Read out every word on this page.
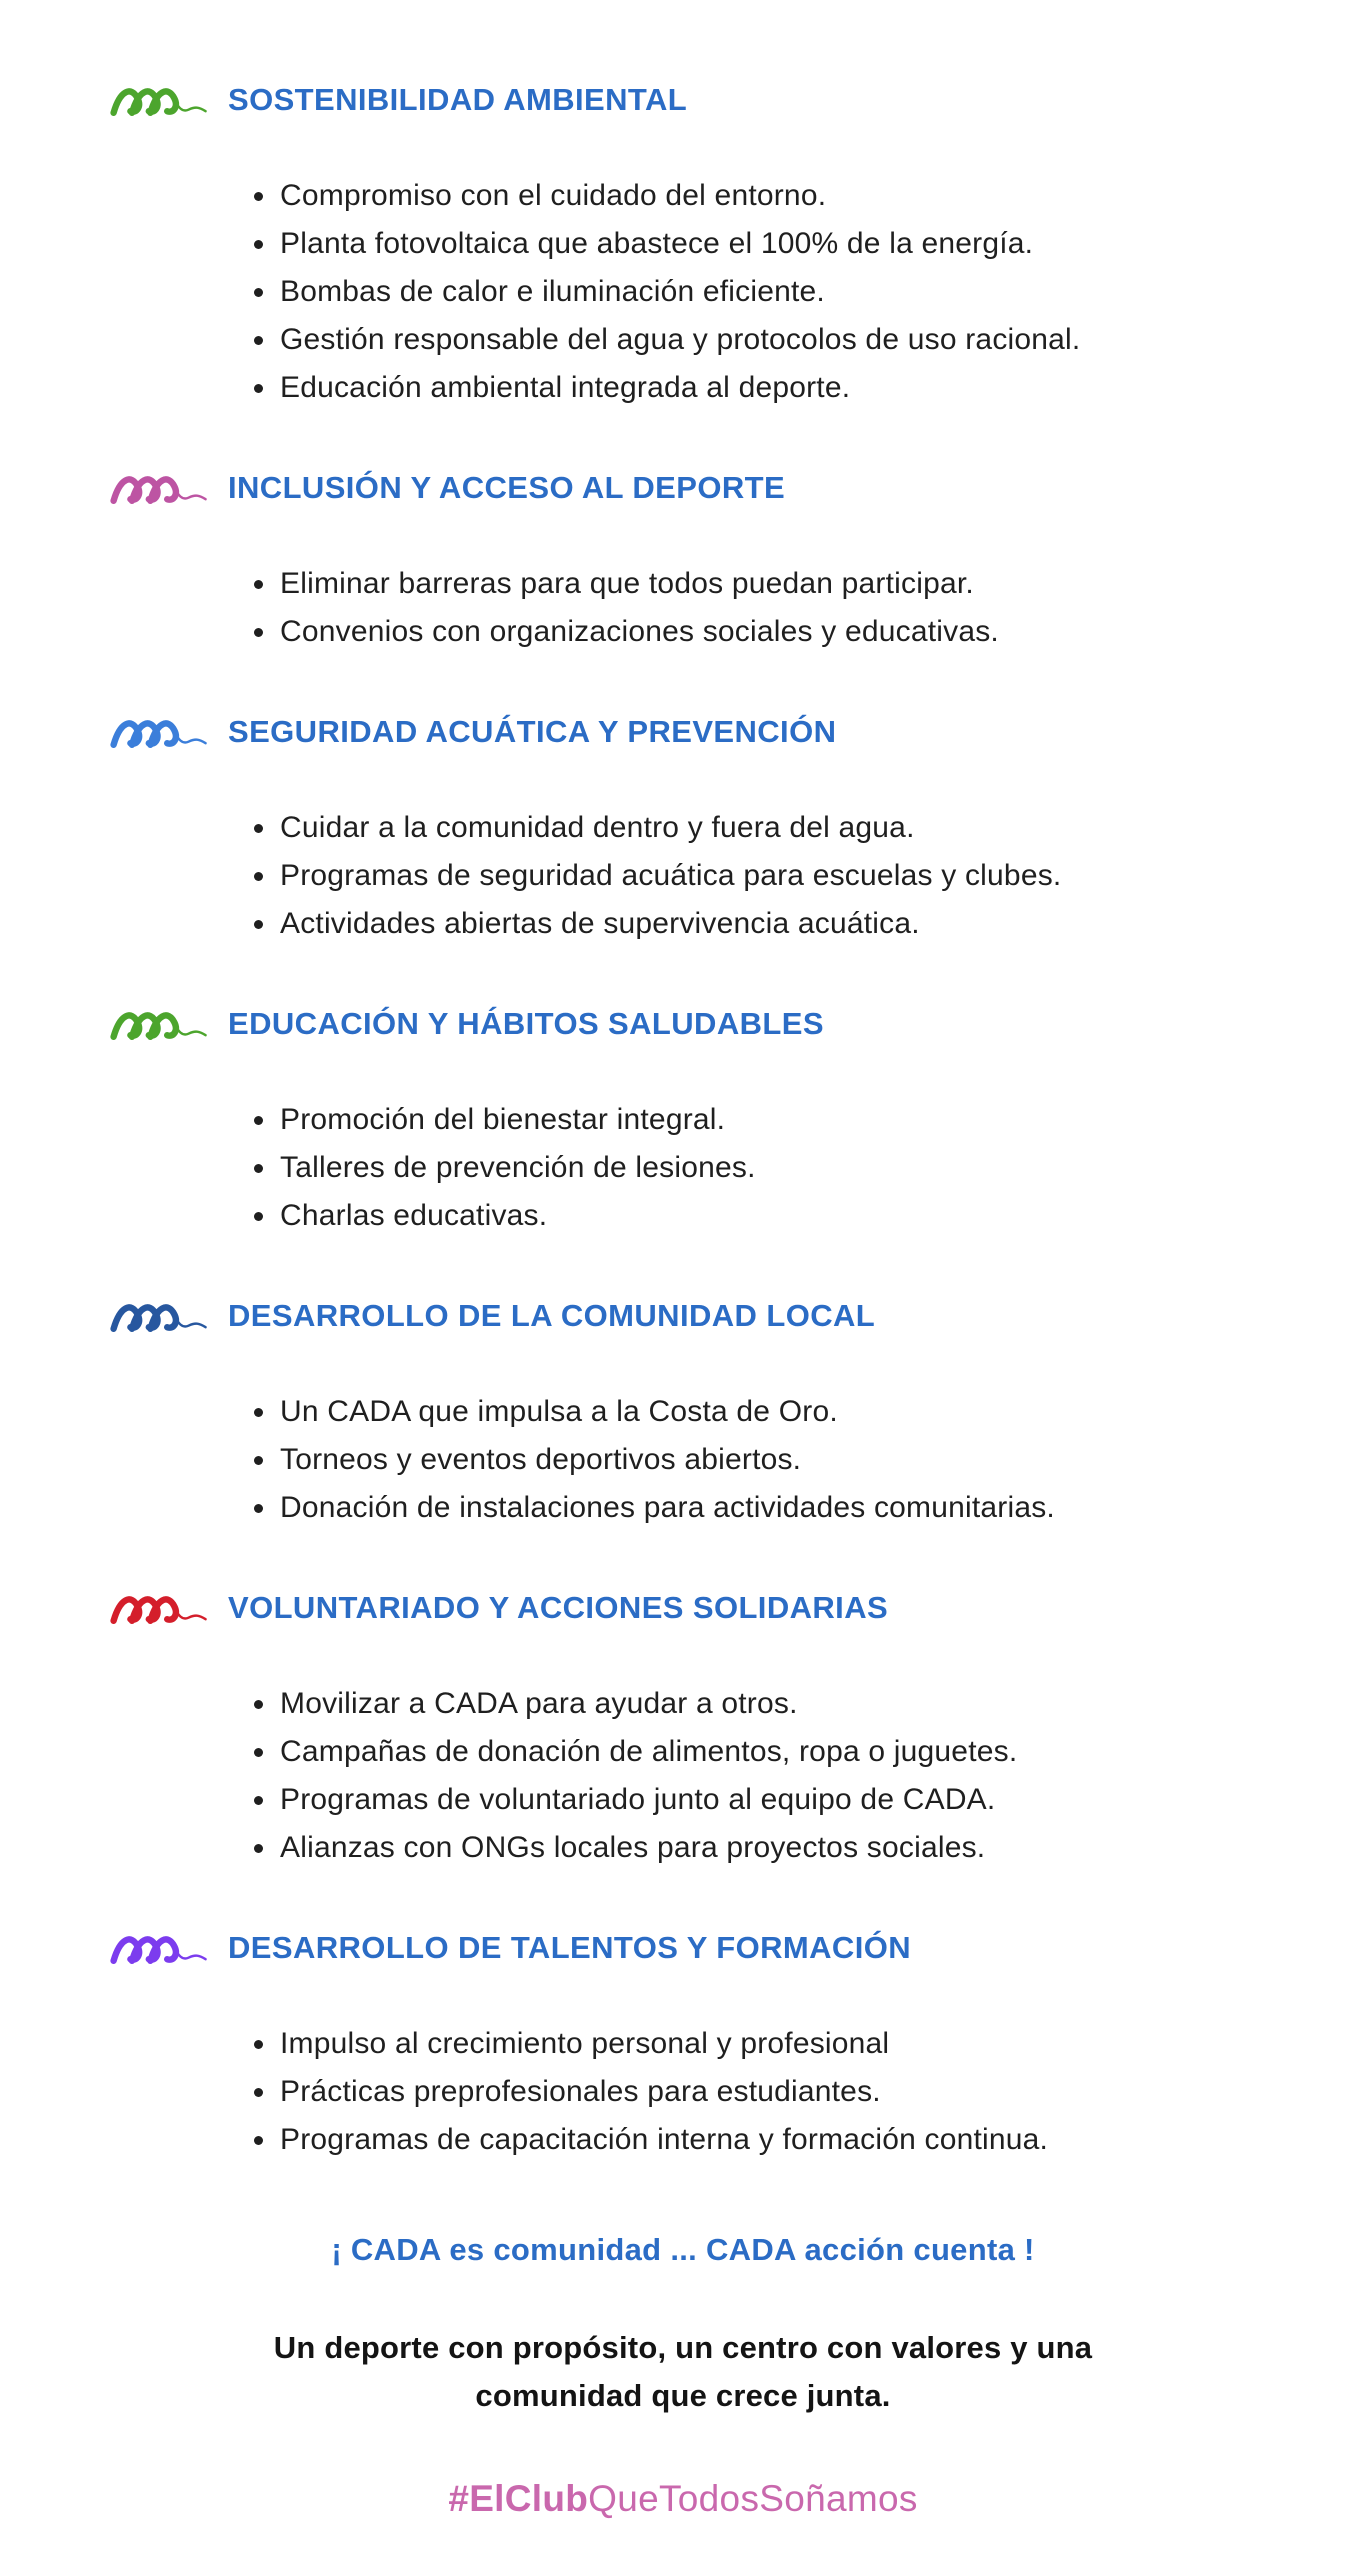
SOSTENIBILIDAD AMBIENTAL
Compromiso con el cuidado del entorno.
Planta fotovoltaica que abastece el 100% de la energía.
Bombas de calor e iluminación eficiente.
Gestión responsable del agua y protocolos de uso racional.
Educación ambiental integrada al deporte.
INCLUSIÓN Y ACCESO AL DEPORTE
Eliminar barreras para que todos puedan participar.
Convenios con organizaciones sociales y educativas.
SEGURIDAD ACUÁTICA Y PREVENCIÓN
Cuidar a la comunidad dentro y fuera del agua.
Programas de seguridad acuática para escuelas y clubes.
Actividades abiertas de supervivencia acuática.
EDUCACIÓN Y HÁBITOS SALUDABLES
Promoción del bienestar integral.
Talleres de prevención de lesiones.
Charlas educativas.
DESARROLLO DE LA COMUNIDAD LOCAL
Un CADA que impulsa a la Costa de Oro.
Torneos y eventos deportivos abiertos.
Donación de instalaciones para actividades comunitarias.
VOLUNTARIADO Y ACCIONES SOLIDARIAS
Movilizar a CADA para ayudar a otros.
Campañas de donación de alimentos, ropa o juguetes.
Programas de voluntariado junto al equipo de CADA.
Alianzas con ONGs locales para proyectos sociales.
DESARROLLO DE TALENTOS Y FORMACIÓN
Impulso al crecimiento personal y profesional
Prácticas preprofesionales para estudiantes.
Programas de capacitación interna y formación continua.
¡ CADA es comunidad ... CADA acción cuenta !
Un deporte con propósito, un centro con valores y una
comunidad que crece junta.
#ElClubQueTodosSoñamos
